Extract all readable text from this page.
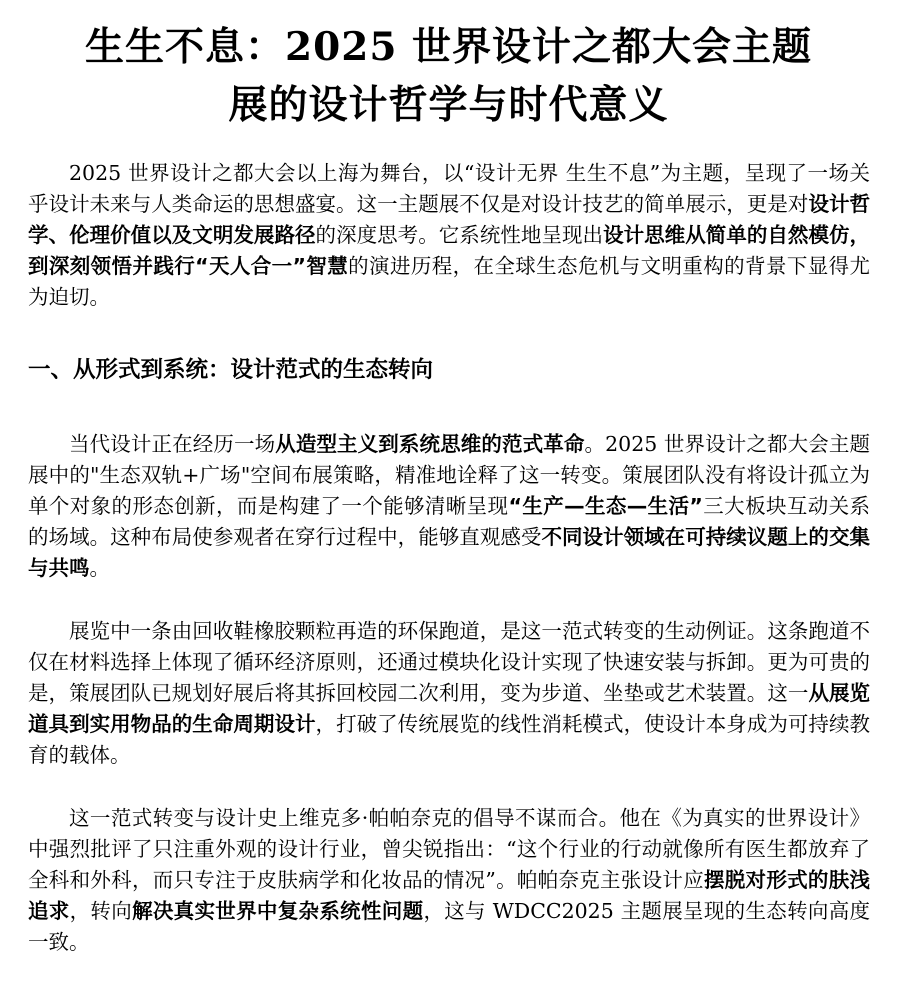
生生不息：2025 世界设计之都大会主题
展的设计哲学与时代意义

2025 世界设计之都大会以上海为舞台，以“设计无界 生生不息”为主题，呈现了一场关乎设计未来与人类命运的思想盛宴。这一主题展不仅是对设计技艺的简单展示，更是对设计哲学、伦理价值以及文明发展路径的深度思考。它系统性地呈现出设计思维从简单的自然模仿，到深刻领悟并践行“天人合一”智慧的演进历程，在全球生态危机与文明重构的背景下显得尤为迫切。

一、从形式到系统：设计范式的生态转向

当代设计正在经历一场从造型主义到系统思维的范式革命。2025 世界设计之都大会主题展中的"生态双轨+广场"空间布展策略，精准地诠释了这一转变。策展团队没有将设计孤立为单个对象的形态创新，而是构建了一个能够清晰呈现“生产—生态—生活”三大板块互动关系的场域。这种布局使参观者在穿行过程中，能够直观感受不同设计领域在可持续议题上的交集与共鸣。

展览中一条由回收鞋橡胶颗粒再造的环保跑道，是这一范式转变的生动例证。这条跑道不仅在材料选择上体现了循环经济原则，还通过模块化设计实现了快速安装与拆卸。更为可贵的是，策展团队已规划好展后将其拆回校园二次利用，变为步道、坐垫或艺术装置。这一从展览道具到实用物品的生命周期设计，打破了传统展览的线性消耗模式，使设计本身成为可持续教育的载体。

这一范式转变与设计史上维克多·帕帕奈克的倡导不谋而合。他在《为真实的世界设计》中强烈批评了只注重外观的设计行业，曾尖锐指出：“这个行业的行动就像所有医生都放弃了全科和外科，而只专注于皮肤病学和化妆品的情况”。帕帕奈克主张设计应摆脱对形式的肤浅追求，转向解决真实世界中复杂系统性问题，这与 WDCC2025 主题展呈现的生态转向高度一致。
